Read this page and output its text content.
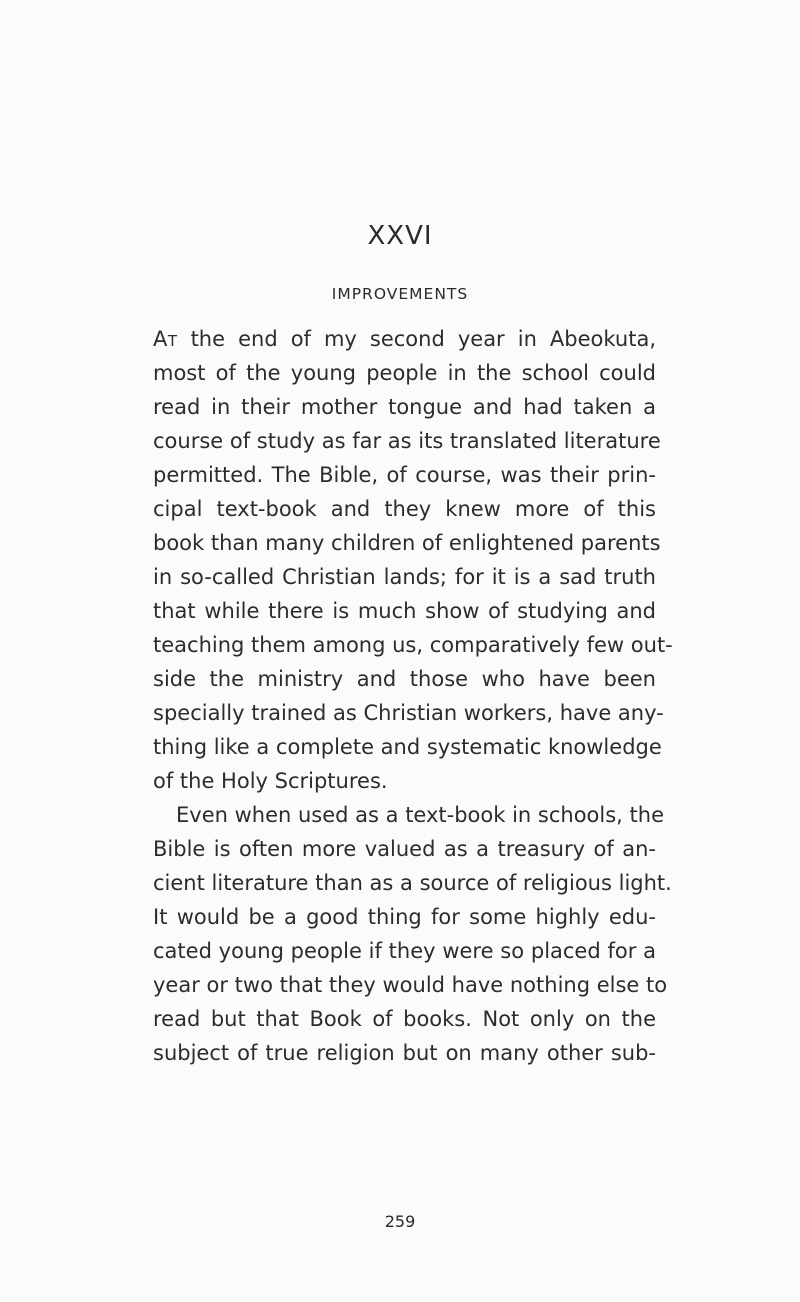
XXVI
IMPROVEMENTS
At the end of my second year in Abeokuta,
most of the young people in the school could
read in their mother tongue and had taken a
course of study as far as its translated literature
permitted. The Bible, of course, was their prin-
cipal text-book and they knew more of this
book than many children of enlightened parents
in so-called Christian lands; for it is a sad truth
that while there is much show of studying and
teaching them among us, comparatively few out-
side the ministry and those who have been
specially trained as Christian workers, have any-
thing like a complete and systematic knowledge
of the Holy Scriptures.
Even when used as a text-book in schools, the
Bible is often more valued as a treasury of an-
cient literature than as a source of religious light.
It would be a good thing for some highly edu-
cated young people if they were so placed for a
year or two that they would have nothing else to
read but that Book of books. Not only on the
subject of true religion but on many other sub-
259
